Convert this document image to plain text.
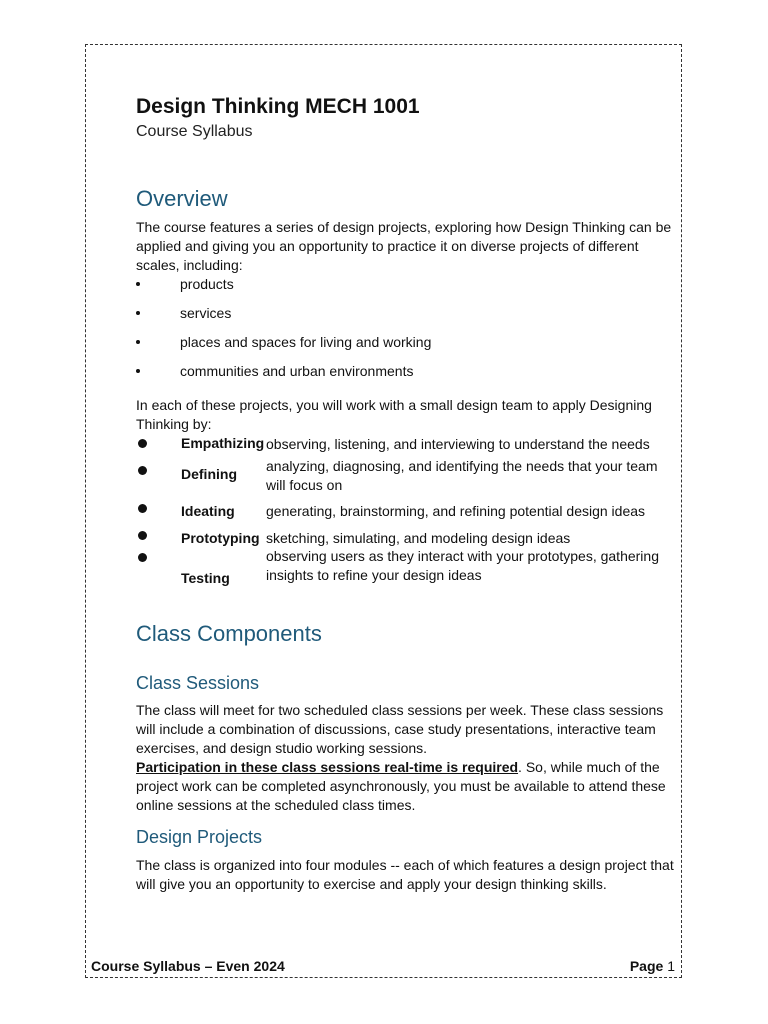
Design Thinking MECH 1001
Course Syllabus
Overview

The course features a series of design projects, exploring how Design Thinking can be applied and giving you an opportunity to practice it on diverse projects of different scales, including:

products
services
places and spaces for living and working
communities and urban environments

In each of these projects, you will work with a small design team to apply Designing Thinking by:

Empathizing observing, listening, and interviewing to understand the needs
Defining analyzing, diagnosing, and identifying the needs that your team will focus on
Ideating generating, brainstorming, and refining potential design ideas
Prototyping sketching, simulating, and modeling design ideas
Testing
observing users as they interact with your prototypes, gathering insights to refine your design ideas
Class Components
Class Sessions

The class will meet for two scheduled class sessions per week. These class sessions will include a combination of discussions, case study presentations, interactive team exercises, and design studio working sessions.
Participation in these class sessions real-time is required. So, while much of the project work can be completed asynchronously, you must be available to attend these online sessions at the scheduled class times.

Design Projects

The class is organized into four modules -- each of which features a design project that will give you an opportunity to exercise and apply your design thinking skills.

Course Syllabus – Even 2024	Page 1
